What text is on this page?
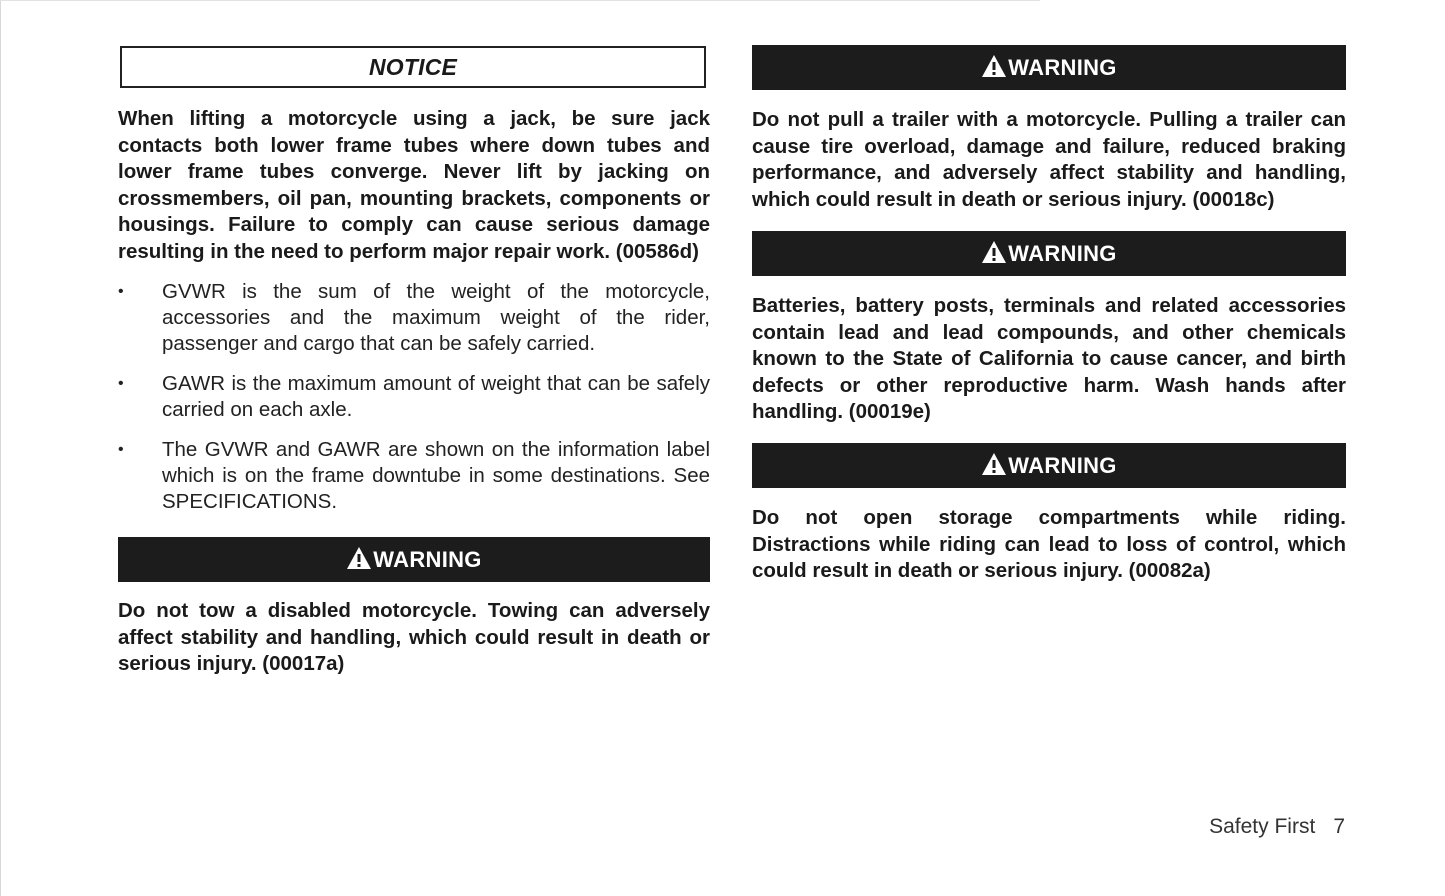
NOTICE

When lifting a motorcycle using a jack, be sure jack contacts both lower frame tubes where down tubes and lower frame tubes converge. Never lift by jacking on crossmembers, oil pan, mounting brackets, components or housings. Failure to comply can cause serious damage resulting in the need to perform major repair work. (00586d)

• GVWR is the sum of the weight of the motorcycle, accessories and the maximum weight of the rider, passenger and cargo that can be safely carried.
• GAWR is the maximum amount of weight that can be safely carried on each axle.
• The GVWR and GAWR are shown on the information label which is on the frame downtube in some destinations. See SPECIFICATIONS.
WARNING

Do not tow a disabled motorcycle. Towing can adversely affect stability and handling, which could result in death or serious injury. (00017a)

WARNING

Do not pull a trailer with a motorcycle. Pulling a trailer can cause tire overload, damage and failure, reduced braking performance, and adversely affect stability and handling, which could result in death or serious injury. (00018c)

WARNING

Batteries, battery posts, terminals and related accessories contain lead and lead compounds, and other chemicals known to the State of California to cause cancer, and birth defects or other reproductive harm. Wash hands after handling. (00019e)

WARNING

Do not open storage compartments while riding. Distractions while riding can lead to loss of control, which could result in death or serious injury. (00082a)

Safety First 7
